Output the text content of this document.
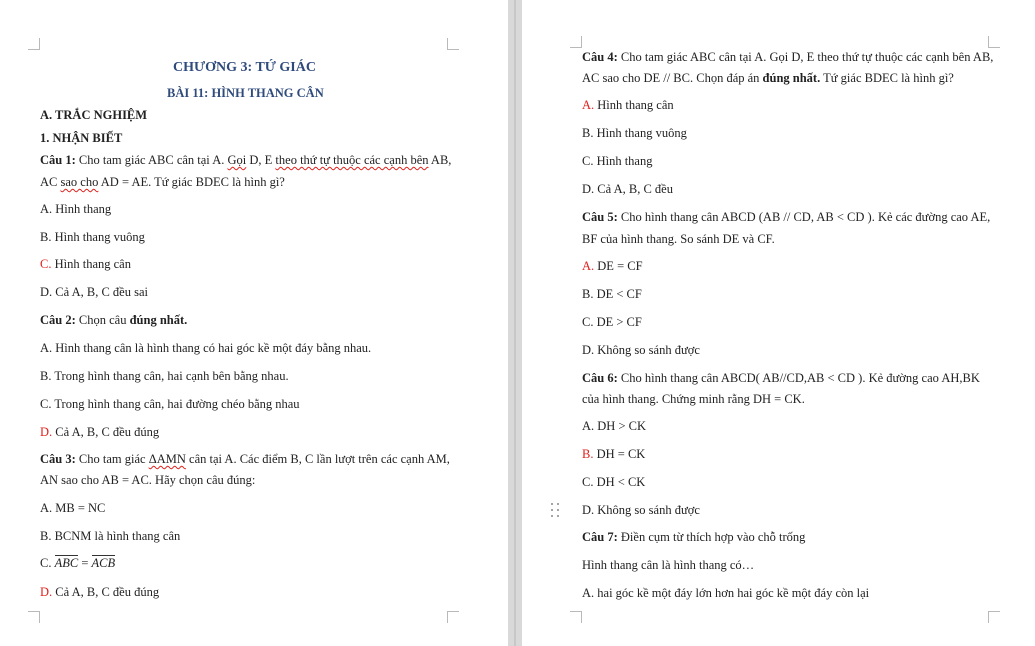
CHƯƠNG 3: TỨ GIÁC
BÀI 11: HÌNH THANG CÂN
A. TRẮC NGHIỆM
1. NHẬN BIẾT
Câu 1: Cho tam giác ABC cân tại A. Gọi D, E theo thứ tự thuộc các cạnh bên AB,
AC sao cho AD = AE. Tứ giác BDEC là hình gì?
A. Hình thang
B. Hình thang vuông
C. Hình thang cân
D. Cả A, B, C đều sai
Câu 2: Chọn câu đúng nhất.
A. Hình thang cân là hình thang có hai góc kề một đáy bằng nhau.
B. Trong hình thang cân, hai cạnh bên bằng nhau.
C. Trong hình thang cân, hai đường chéo bằng nhau
D. Cả A, B, C đều đúng
Câu 3: Cho tam giác ΔAMN cân tại A. Các điểm B, C lần lượt trên các cạnh AM,
AN sao cho AB = AC. Hãy chọn câu đúng:
A. MB = NC
B. BCNM là hình thang cân
C. ABC = ACB
D. Cả A, B, C đều đúng
Câu 4: Cho tam giác ABC cân tại A. Gọi D, E theo thứ tự thuộc các cạnh bên AB,
AC sao cho DE // BC. Chọn đáp án đúng nhất. Tứ giác BDEC là hình gì?
A. Hình thang cân
B. Hình thang vuông
C. Hình thang
D. Cả A, B, C đều
Câu 5: Cho hình thang cân ABCD (AB // CD, AB < CD ). Kẻ các đường cao AE,
BF của hình thang. So sánh DE và CF.
A. DE = CF
B. DE < CF
C. DE > CF
D. Không so sánh được
Câu 6: Cho hình thang cân ABCD( AB//CD,AB < CD ). Kẻ đường cao AH,BK
của hình thang. Chứng minh rằng DH = CK.
A. DH > CK
B. DH = CK
C. DH < CK
D. Không so sánh được
Câu 7: Điền cụm từ thích hợp vào chỗ trống
Hình thang cân là hình thang có…
A. hai góc kề một đáy lớn hơn hai góc kề một đáy còn lại
